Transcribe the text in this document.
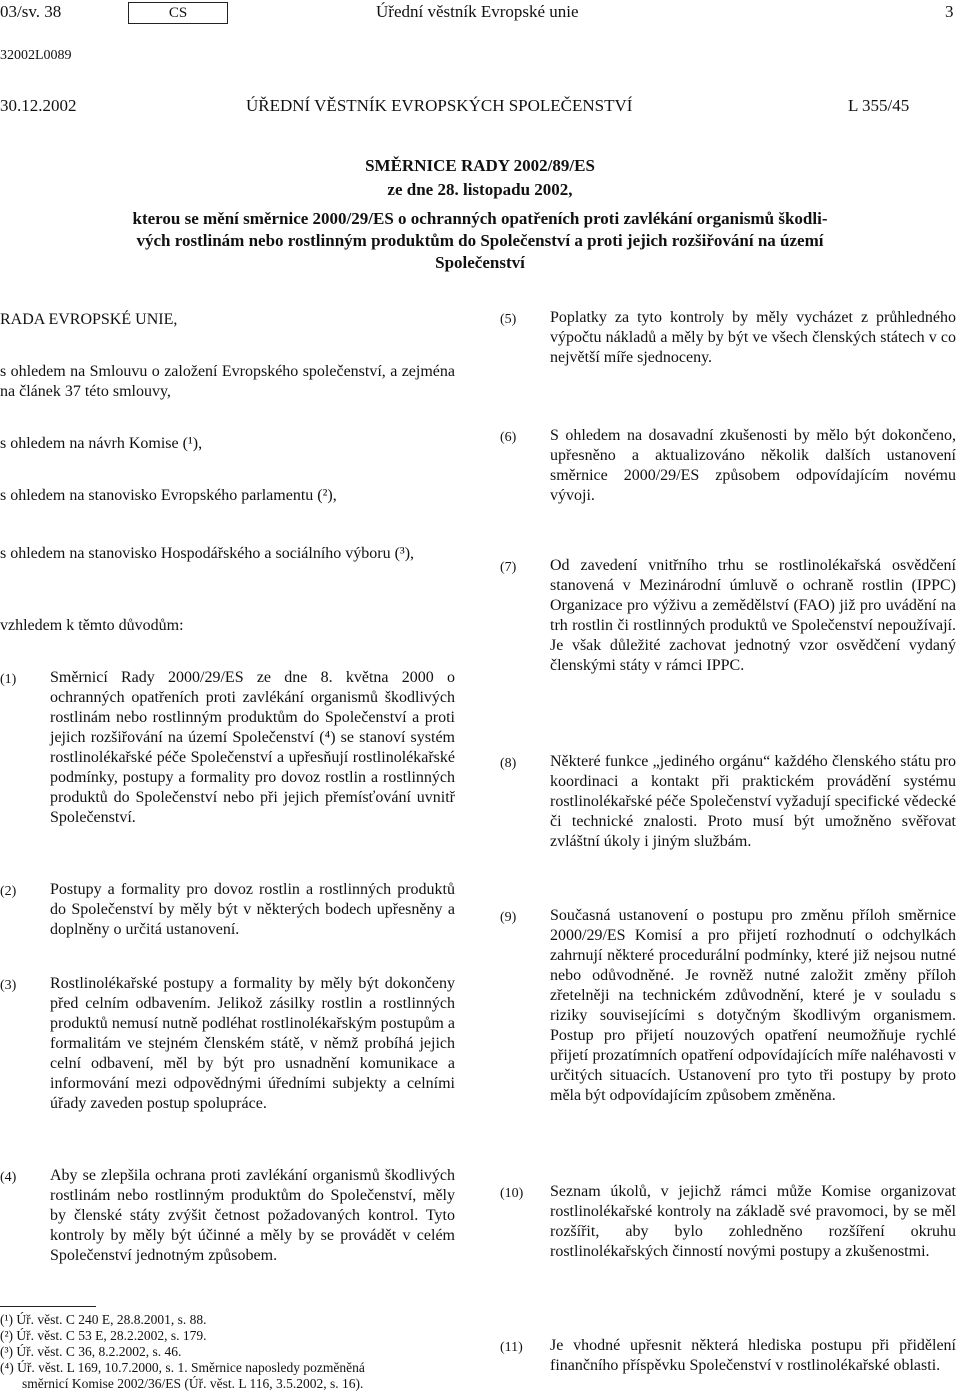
03/sv. 38	CS	Úřední věstník Evropské unie	3
32002L0089
30.12.2002	ÚŘEDNÍ VĚSTNÍK EVROPSKÝCH SPOLEČENSTVÍ	L 355/45
SMĚRNICE RADY 2002/89/ES
ze dne 28. listopadu 2002,
kterou se mění směrnice 2000/29/ES o ochranných opatřeních proti zavlékání organismů škodli-
vých rostlinám nebo rostlinným produktům do Společenství a proti jejich rozšiřování na území
Společenství
RADA EVROPSKÉ UNIE,
s ohledem na Smlouvu o založení Evropského společenství, a zejména na článek 37 této smlouvy,
s ohledem na návrh Komise (¹),
s ohledem na stanovisko Evropského parlamentu (²),
s ohledem na stanovisko Hospodářského a sociálního výboru (³),
vzhledem k těmto důvodům:
(1) Směrnicí Rady 2000/29/ES ze dne 8. května 2000 o ochranných opatřeních proti zavlékání organismů škodlivých rostlinám nebo rostlinným produktům do Společenství a proti jejich rozšiřování na území Společenství (⁴) se stanoví systém rostlinolékařské péče Společenství a upřesňují rostlinolékařské podmínky, postupy a formality pro dovoz rostlin a rostlinných produktů do Společenství nebo při jejich přemísťování uvnitř Společenství.
(2) Postupy a formality pro dovoz rostlin a rostlinných produktů do Společenství by měly být v některých bodech upřesněny a doplněny o určitá ustanovení.
(3) Rostlinolékařské postupy a formality by měly být dokončeny před celním odbavením. Jelikož zásilky rostlin a rostlinných produktů nemusí nutně podléhat rostlinolékařským postupům a formalitám ve stejném členském státě, v němž probíhá jejich celní odbavení, měl by být pro usnadnění komunikace a informování mezi odpovědnými úředními subjekty a celními úřady zaveden postup spolupráce.
(4) Aby se zlepšila ochrana proti zavlékání organismů škodlivých rostlinám nebo rostlinným produktům do Společenství, měly by členské státy zvýšit četnost požadovaných kontrol. Tyto kontroly by měly být účinné a měly by se provádět v celém Společenství jednotným způsobem.
(¹) Úř. věst. C 240 E, 28.8.2001, s. 88.
(²) Úř. věst. C 53 E, 28.2.2002, s. 179.
(³) Úř. věst. C 36, 8.2.2002, s. 46.
(⁴) Úř. věst. L 169, 10.7.2000, s. 1. Směrnice naposledy pozměněná
směrnicí Komise 2002/36/ES (Úř. věst. L 116, 3.5.2002, s. 16).
(5) Poplatky za tyto kontroly by měly vycházet z průhledného výpočtu nákladů a měly by být ve všech členských státech v co největší míře sjednoceny.
(6) S ohledem na dosavadní zkušenosti by mělo být dokončeno, upřesněno a aktualizováno několik dalších ustanovení směrnice 2000/29/ES způsobem odpovídajícím novému vývoji.
(7) Od zavedení vnitřního trhu se rostlinolékařská osvědčení stanovená v Mezinárodní úmluvě o ochraně rostlin (IPPC) Organizace pro výživu a zemědělství (FAO) již pro uvádění na trh rostlin či rostlinných produktů ve Společenství nepoužívají. Je však důležité zachovat jednotný vzor osvědčení vydaný členskými státy v rámci IPPC.
(8) Některé funkce „jediného orgánu“ každého členského státu pro koordinaci a kontakt při praktickém provádění systému rostlinolékařské péče Společenství vyžadují specifické vědecké či technické znalosti. Proto musí být umožněno svěřovat zvláštní úkoly i jiným službám.
(9) Současná ustanovení o postupu pro změnu příloh směrnice 2000/29/ES Komisí a pro přijetí rozhodnutí o odchylkách zahrnují některé procedurální podmínky, které již nejsou nutné nebo odůvodněné. Je rovněž nutné založit změny příloh zřetelněji na technickém zdůvodnění, které je v souladu s riziky souvisejícími s dotyčným škodlivým organismem. Postup pro přijetí nouzových opatření neumožňuje rychlé přijetí prozatímních opatření odpovídajících míře naléhavosti v určitých situacích. Ustanovení pro tyto tři postupy by proto měla být odpovídajícím způsobem změněna.
(10) Seznam úkolů, v jejichž rámci může Komise organizovat rostlinolékařské kontroly na základě své pravomoci, by se měl rozšířit, aby bylo zohledněno rozšíření okruhu rostlinolékařských činností novými postupy a zkušenostmi.
(11) Je vhodné upřesnit některá hlediska postupu při přidělení finančního příspěvku Společenství v rostlinolékařské oblasti.
